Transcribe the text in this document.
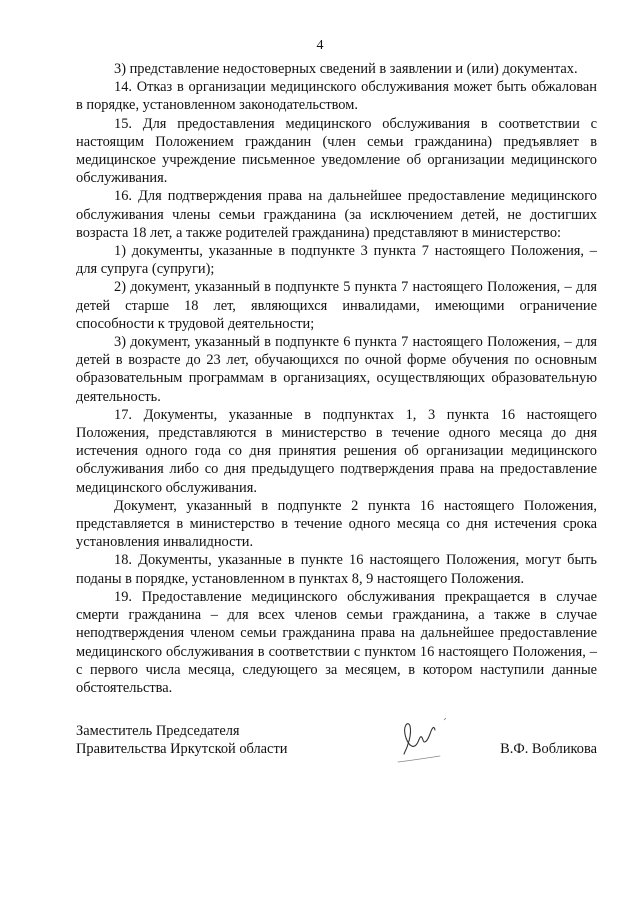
4

3) представление недостоверных сведений в заявлении и (или) документах.

14. Отказ в организации медицинского обслуживания может быть обжалован в порядке, установленном законодательством.

15. Для предоставления медицинского обслуживания в соответствии с настоящим Положением гражданин (член семьи гражданина) предъявляет в медицинское учреждение письменное уведомление об организации медицинского обслуживания.

16. Для подтверждения права на дальнейшее предоставление медицинского обслуживания члены семьи гражданина (за исключением детей, не достигших возраста 18 лет, а также родителей гражданина) представляют в министерство:

1) документы, указанные в подпункте 3 пункта 7 настоящего Положения, – для супруга (супруги);

2) документ, указанный в подпункте 5 пункта 7 настоящего Положения, – для детей старше 18 лет, являющихся инвалидами, имеющими ограничение способности к трудовой деятельности;

3) документ, указанный в подпункте 6 пункта 7 настоящего Положения, – для детей в возрасте до 23 лет, обучающихся по очной форме обучения по основным образовательным программам в организациях, осуществляющих образовательную деятельность.

17. Документы, указанные в подпунктах 1, 3 пункта 16 настоящего Положения, представляются в министерство в течение одного месяца до дня истечения одного года со дня принятия решения об организации медицинского обслуживания либо со дня предыдущего подтверждения права на предоставление медицинского обслуживания.

Документ, указанный в подпункте 2 пункта 16 настоящего Положения, представляется в министерство в течение одного месяца со дня истечения срока установления инвалидности.

18. Документы, указанные в пункте 16 настоящего Положения, могут быть поданы в порядке, установленном в пунктах 8, 9 настоящего Положения.

19. Предоставление медицинского обслуживания прекращается в случае смерти гражданина – для всех членов семьи гражданина, а также в случае неподтверждения членом семьи гражданина права на дальнейшее предоставление медицинского обслуживания в соответствии с пунктом 16 настоящего Положения, – с первого числа месяца, следующего за месяцем, в котором наступили данные обстоятельства.

Заместитель Председателя
Правительства Иркутской области	В.Ф. Вобликова
